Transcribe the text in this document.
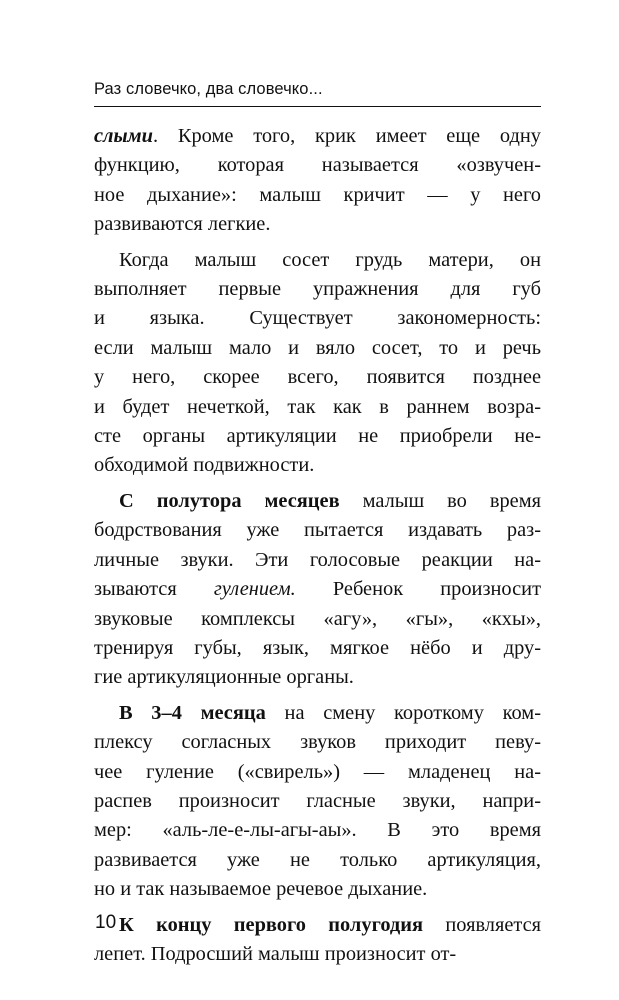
Раз словечко, два словечко...
слыми. Кроме того, крик имеет еще одну
функцию, которая называется «озвучен-
ное дыхание»: малыш кричит — у него
развиваются легкие.
Когда малыш сосет грудь матери, он
выполняет первые упражнения для губ
и языка. Существует закономерность:
если малыш мало и вяло сосет, то и речь
у него, скорее всего, появится позднее
и будет нечеткой, так как в раннем возра-
сте органы артикуляции не приобрели не-
обходимой подвижности.
С полутора месяцев малыш во время
бодрствования уже пытается издавать раз-
личные звуки. Эти голосовые реакции на-
зываются гулением. Ребенок произносит
звуковые комплексы «агу», «гы», «кхы»,
тренируя губы, язык, мягкое нёбо и дру-
гие артикуляционные органы.
В 3–4 месяца на смену короткому ком-
плексу согласных звуков приходит певу-
чее гуление («свирель») — младенец на-
распев произносит гласные звуки, напри-
мер: «аль-ле-е-лы-агы-аы». В это время
развивается уже не только артикуляция,
но и так называемое речевое дыхание.
К концу первого полугодия появляется
лепет. Подросший малыш произносит от-
10
